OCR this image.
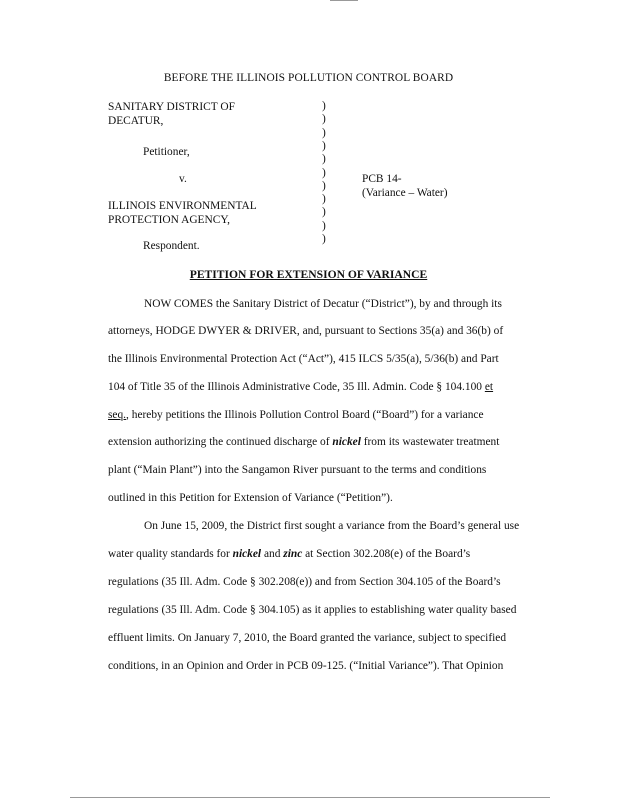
BEFORE THE ILLINOIS POLLUTION CONTROL BOARD
SANITARY DISTRICT OF
DECATUR,
Petitioner,
v.
ILLINOIS ENVIRONMENTAL
PROTECTION AGENCY,
Respondent.
)
)
)
)
)
)
)
)
)
)
)
PCB 14-
(Variance – Water)
PETITION FOR EXTENSION OF VARIANCE
NOW COMES the Sanitary District of Decatur (“District”), by and through its
attorneys, HODGE DWYER & DRIVER, and, pursuant to Sections 35(a) and 36(b) of
the Illinois Environmental Protection Act (“Act”), 415 ILCS 5/35(a), 5/36(b) and Part
104 of Title 35 of the Illinois Administrative Code, 35 Ill. Admin. Code § 104.100 et
seq., hereby petitions the Illinois Pollution Control Board (“Board”) for a variance
extension authorizing the continued discharge of nickel from its wastewater treatment
plant (“Main Plant”) into the Sangamon River pursuant to the terms and conditions
outlined in this Petition for Extension of Variance (“Petition”).
On June 15, 2009, the District first sought a variance from the Board’s general use
water quality standards for nickel and zinc at Section 302.208(e) of the Board’s
regulations (35 Ill. Adm. Code § 302.208(e)) and from Section 304.105 of the Board’s
regulations (35 Ill. Adm. Code § 304.105) as it applies to establishing water quality based
effluent limits. On January 7, 2010, the Board granted the variance, subject to specified
conditions, in an Opinion and Order in PCB 09-125. (“Initial Variance”). That Opinion
